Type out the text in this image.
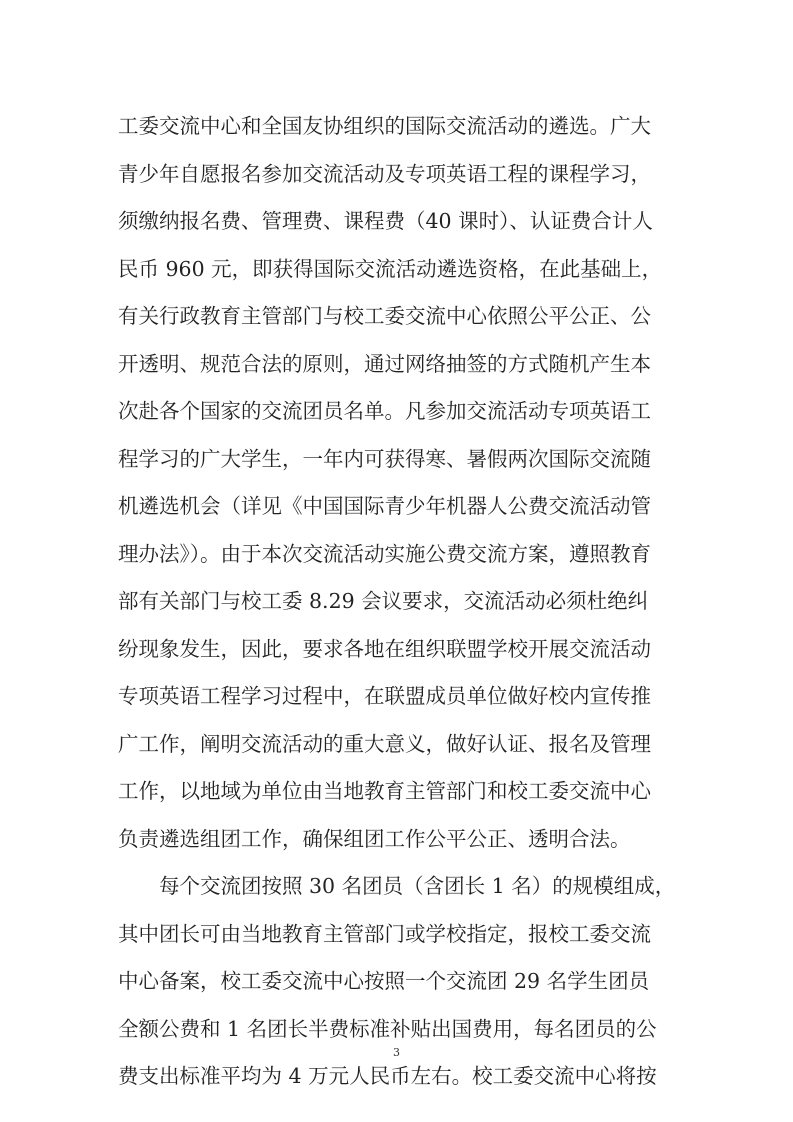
工委交流中心和全国友协组织的国际交流活动的遴选。广大
青少年自愿报名参加交流活动及专项英语工程的课程学习，
须缴纳报名费、管理费、课程费（40 课时）、认证费合计人
民币 960 元，即获得国际交流活动遴选资格，在此基础上，
有关行政教育主管部门与校工委交流中心依照公平公正、公
开透明、规范合法的原则，通过网络抽签的方式随机产生本
次赴各个国家的交流团员名单。凡参加交流活动专项英语工
程学习的广大学生，一年内可获得寒、暑假两次国际交流随
机遴选机会（详见《中国国际青少年机器人公费交流活动管
理办法》）。由于本次交流活动实施公费交流方案，遵照教育
部有关部门与校工委 8.29 会议要求，交流活动必须杜绝纠
纷现象发生，因此，要求各地在组织联盟学校开展交流活动
专项英语工程学习过程中，在联盟成员单位做好校内宣传推
广工作，阐明交流活动的重大意义，做好认证、报名及管理
工作，以地域为单位由当地教育主管部门和校工委交流中心
负责遴选组团工作，确保组团工作公平公正、透明合法。
　　每个交流团按照 30 名团员（含团长 1 名）的规模组成，
其中团长可由当地教育主管部门或学校指定，报校工委交流
中心备案，校工委交流中心按照一个交流团 29 名学生团员
全额公费和 1 名团长半费标准补贴出国费用，每名团员的公
费支出标准平均为 4 万元人民币左右。校工委交流中心将按
3
